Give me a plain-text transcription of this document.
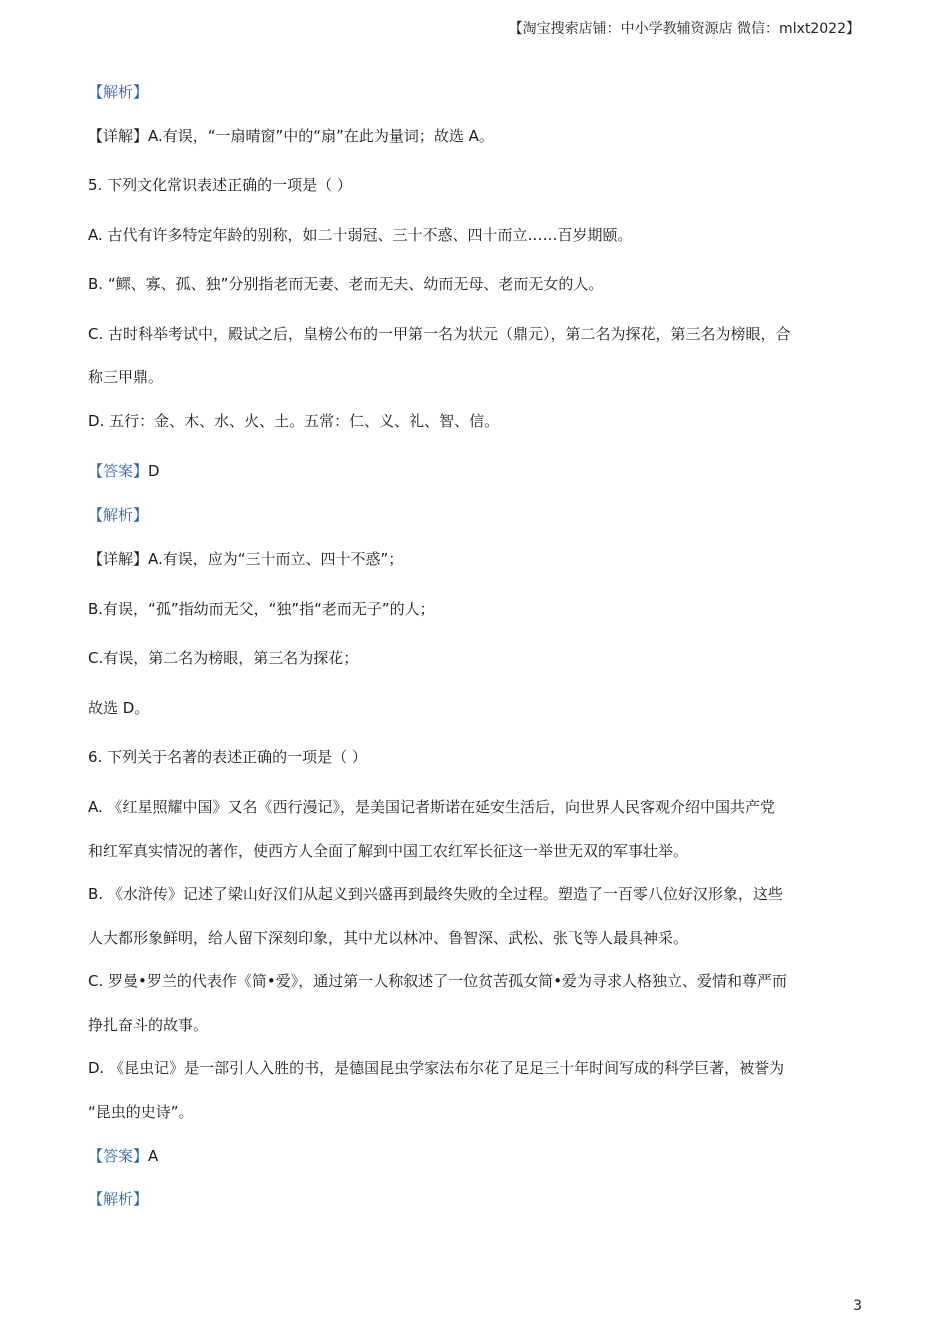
【淘宝搜索店铺：中小学教辅资源店 微信：mlxt2022】
【解析】
【详解】A.有误，“一扇晴窗”中的“扇”在此为量词；故选 A。
5. 下列文化常识表述正确的一项是（ ）
A. 古代有许多特定年龄的别称，如二十弱冠、三十不惑、四十而立……百岁期颐。
B. “鳏、寡、孤、独”分别指老而无妻、老而无夫、幼而无母、老而无女的人。
C. 古时科举考试中，殿试之后，皇榜公布的一甲第一名为状元（鼎元），第二名为探花，第三名为榜眼，合
称三甲鼎。
D. 五行：金、木、水、火、土。五常：仁、义、礼、智、信。
【答案】D
【解析】
【详解】A.有误，应为“三十而立、四十不惑”；
B.有误，“孤”指幼而无父，“独”指“老而无子”的人；
C.有误，第二名为榜眼，第三名为探花；
故选 D。
6. 下列关于名著的表述正确的一项是（ ）
A. 《红星照耀中国》又名《西行漫记》，是美国记者斯诺在延安生活后，向世界人民客观介绍中国共产党
和红军真实情况的著作，使西方人全面了解到中国工农红军长征这一举世无双的军事壮举。
B. 《水浒传》记述了梁山好汉们从起义到兴盛再到最终失败的全过程。塑造了一百零八位好汉形象，这些
人大都形象鲜明，给人留下深刻印象，其中尤以林冲、鲁智深、武松、张飞等人最具神采。
C. 罗曼•罗兰的代表作《简•爱》，通过第一人称叙述了一位贫苦孤女简•爱为寻求人格独立、爱情和尊严而
挣扎奋斗的故事。
D. 《昆虫记》是一部引人入胜的书，是德国昆虫学家法布尔花了足足三十年时间写成的科学巨著，被誉为
“昆虫的史诗”。
【答案】A
【解析】
3
